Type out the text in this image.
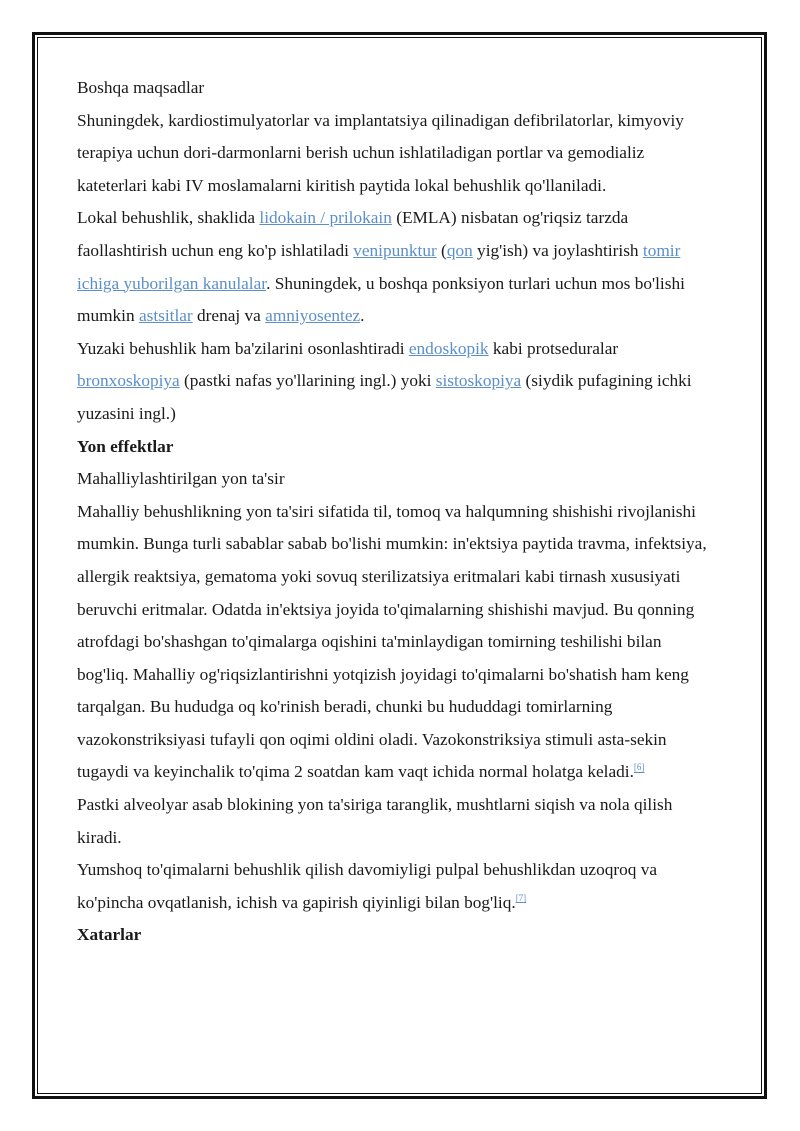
Boshqa maqsadlar

Shuningdek, kardiostimulyatorlar va implantatsiya qilinadigan defibrilatorlar, kimyoviy terapiya uchun dori-darmonlarni berish uchun ishlatiladigan portlar va gemodializ kateterlari kabi IV moslamalarni kiritish paytida lokal behushlik qo'llaniladi.

Lokal behushlik, shaklida lidokain / prilokain (EMLA) nisbatan og'riqsiz tarzda faollashtirish uchun eng ko'p ishlatiladi venipunktur (qon yig'ish) va joylashtirish tomir ichiga yuborilgan kanulalar. Shuningdek, u boshqa ponksiyon turlari uchun mos bo'lishi mumkin astsitlar drenaj va amniyosentez.

Yuzaki behushlik ham ba'zilarini osonlashtiradi endoskopik kabi protseduralar bronxoskopiya (pastki nafas yo'llarining ingl.) yoki sistoskopiya (siydik pufagining ichki yuzasini ingl.)

Yon effektlar

Mahalliylashtirilgan yon ta'sir

Mahalliy behushlikning yon ta'siri sifatida til, tomoq va halqumning shishishi rivojlanishi mumkin. Bunga turli sabablar sabab bo'lishi mumkin: in'ektsiya paytida travma, infektsiya, allergik reaktsiya, gematoma yoki sovuq sterilizatsiya eritmalari kabi tirnash xususiyati beruvchi eritmalar. Odatda in'ektsiya joyida to'qimalarning shishishi mavjud. Bu qonning atrofdagi bo'shashgan to'qimalarga oqishini ta'minlaydigan tomirning teshilishi bilan bog'liq. Mahalliy og'riqsizlantirishni yotqizish joyidagi to'qimalarni bo'shatish ham keng tarqalgan. Bu hududga oq ko'rinish beradi, chunki bu hududdagi tomirlarning vazokonstriksiyasi tufayli qon oqimi oldini oladi. Vazokonstriksiya stimuli asta-sekin tugaydi va keyinchalik to'qima 2 soatdan kam vaqt ichida normal holatga keladi.[6]

Pastki alveolyar asab blokining yon ta'siriga taranglik, mushtlarni siqish va nola qilish kiradi.

Yumshoq to'qimalarni behushlik qilish davomiyligi pulpal behushlikdan uzoqroq va ko'pincha ovqatlanish, ichish va gapirish qiyinligi bilan bog'liq.[7]

Xatarlar
